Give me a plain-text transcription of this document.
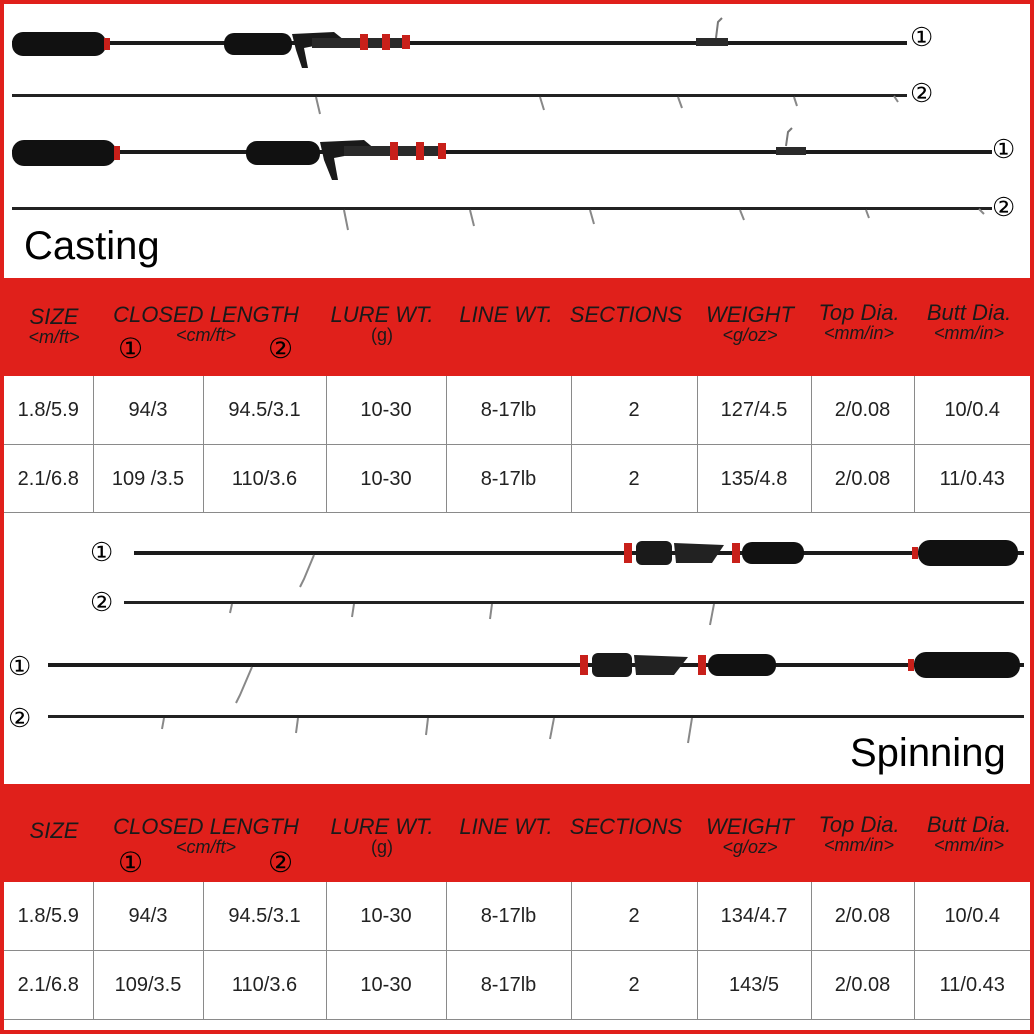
①
②
①
②
Casting
SIZE
<m/ft>
CLOSED LENGTH
<cm/ft>
①	②
LURE WT.
(g)
LINE WT. SECTIONS	WEIGHT
<g/oz>
Top Dia.
<mm/in>
Butt Dia.
<mm/in>
1.8/5.9	94/3	94.5/3.1	10-30	8-17lb	2	127/4.5	2/0.08	10/0.4
2.1/6.8	109 /3.5	110/3.6	10-30	8-17lb	2	135/4.8	2/0.08	11/0.43
①
②
①
②
Spinning
SIZE	CLOSED LENGTH
<cm/ft>
①	②
LURE WT.
(g)
LINE WT. SECTIONS	WEIGHT
<g/oz>
Top Dia.
<mm/in>
Butt Dia.
<mm/in>
1.8/5.9	94/3	94.5/3.1	10-30	8-17lb	2	134/4.7	2/0.08	10/0.4
2.1/6.8	109/3.5	110/3.6	10-30	8-17lb	2	143/5	2/0.08	11/0.43
